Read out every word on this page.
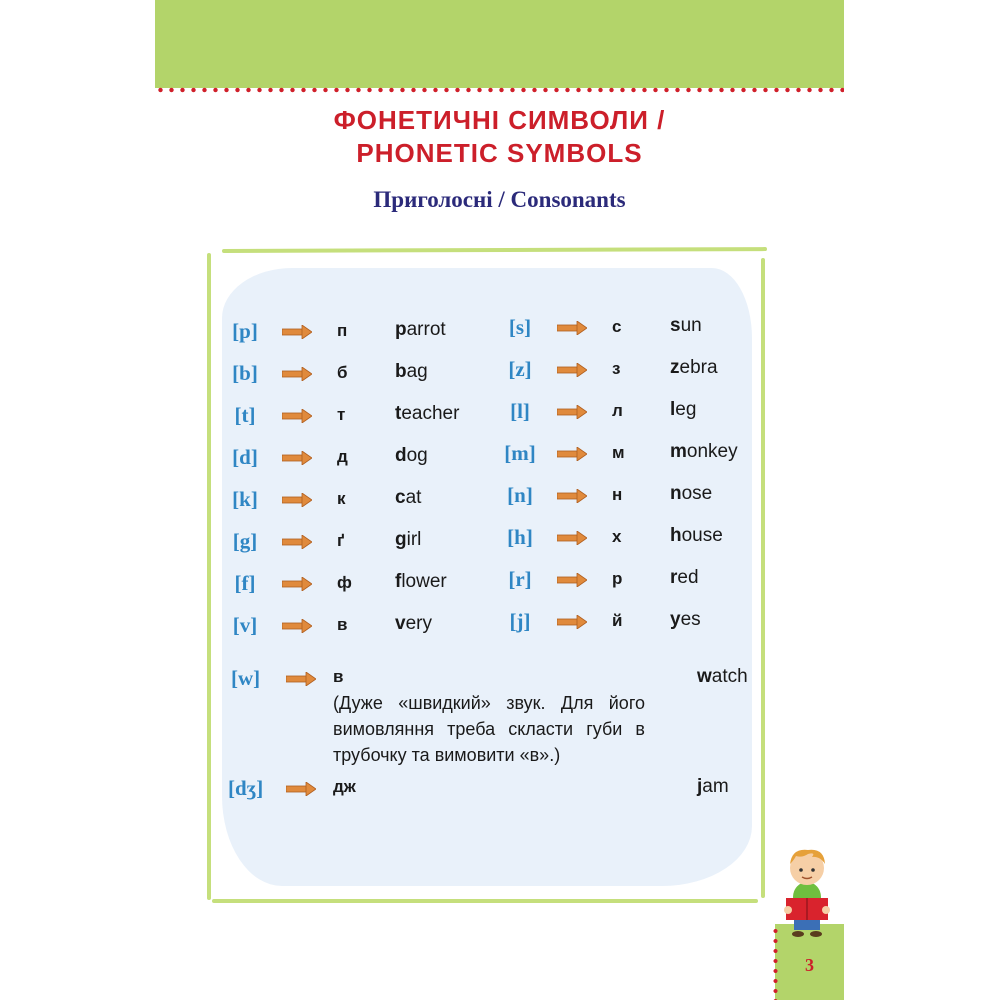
ФОНЕТИЧНІ СИМВОЛИ /
PHONETIC SYMBOLS
Приголосні / Consonants
[p]	п	parrot
[b]	б bag
[t]	т	teacher
[d]	д dog
[k]	к	cat
[g]	ґ	girl
[f]	ф flower
[v]	в	very
[s]	с	sun
[z]	з	zebra
[l]	л leg
[m]	м monkey
[n]	н	nose
[h]	х	house
[r]	р	red
[j]	й	yes
[w]	в	watch
(Дуже «швидкий» звук. Для його вимовляння треба скласти губи в трубочку та вимовити «в».)
[dʒ]	дж	jam
3
